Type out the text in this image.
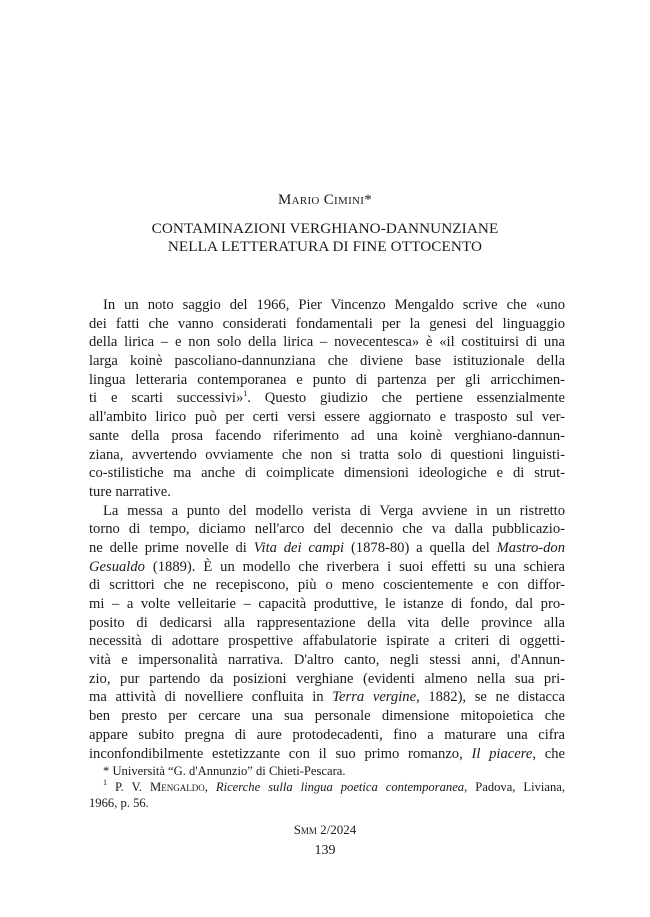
Mario Cimini*
CONTAMINAZIONI VERGHIANO-DANNUNZIANE
NELLA LETTERATURA DI FINE OTTOCENTO
In un noto saggio del 1966, Pier Vincenzo Mengaldo scrive che «uno
dei fatti che vanno considerati fondamentali per la genesi del linguaggio
della lirica – e non solo della lirica – novecentesca» è «il costituirsi di una
larga koinè pascoliano-dannunziana che diviene base istituzionale della
lingua letteraria contemporanea e punto di partenza per gli arricchimen-
ti e scarti successivi»$^1$. Questo giudizio che pertiene essenzialmente
all'ambito lirico può per certi versi essere aggiornato e trasposto sul ver-
sante della prosa facendo riferimento ad una koinè verghiano-dannun-
ziana, avvertendo ovviamente che non si tratta solo di questioni linguisti-
co-stilistiche ma anche di coimplicate dimensioni ideologiche e di strut-
ture narrative.
La messa a punto del modello verista di Verga avviene in un ristretto
torno di tempo, diciamo nell'arco del decennio che va dalla pubblicazio-
ne delle prime novelle di Vita dei campi (1878-80) a quella del Mastro-don
Gesualdo (1889). È un modello che riverbera i suoi effetti su una schiera
di scrittori che ne recepiscono, più o meno coscientemente e con diffor-
mi – a volte velleitarie – capacità produttive, le istanze di fondo, dal pro-
posito di dedicarsi alla rappresentazione della vita delle province alla
necessità di adottare prospettive affabulatorie ispirate a criteri di oggetti-
vità e impersonalità narrativa. D'altro canto, negli stessi anni, d'Annun-
zio, pur partendo da posizioni verghiane (evidenti almeno nella sua pri-
ma attività di novelliere confluita in Terra vergine, 1882), se ne distacca
ben presto per cercare una sua personale dimensione mitopoietica che
appare subito pregna di aure protodecadenti, fino a maturare una cifra
inconfondibilmente estetizzante con il suo primo romanzo, Il piacere, che
* Università “G. d'Annunzio” di Chieti-Pescara.
$^1$ P. V. Mengaldo, Ricerche sulla lingua poetica contemporanea, Padova, Liviana,
1966, p. 56.
Smm 2/2024
139
